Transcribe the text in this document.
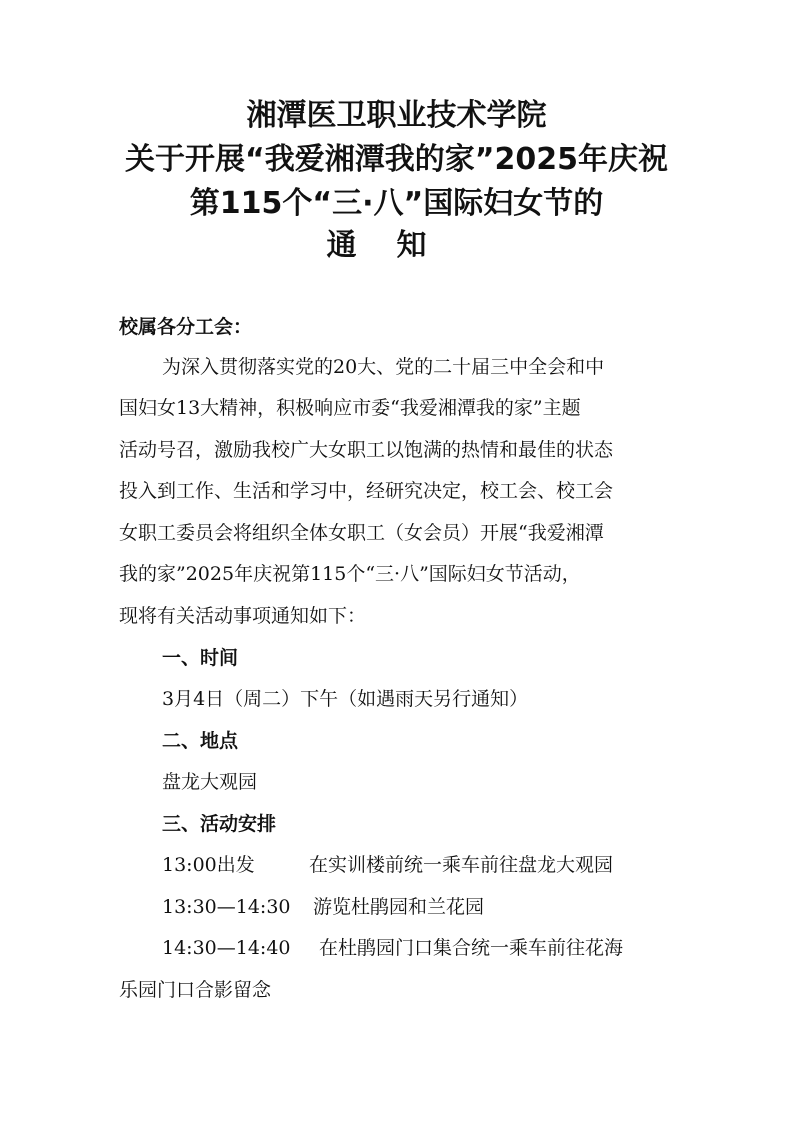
湘潭医卫职业技术学院
关于开展“我爱湘潭我的家”2025年庆祝
第115个“三·八”国际妇女节的
通知
校属各分工会：
为深入贯彻落实党的20大、党的二十届三中全会和中
国妇女13大精神，积极响应市委“我爱湘潭我的家”主题
活动号召，激励我校广大女职工以饱满的热情和最佳的状态
投入到工作、生活和学习中，经研究决定，校工会、校工会
女职工委员会将组织全体女职工（女会员）开展“我爱湘潭
我的家”2025年庆祝第115个“三·八”国际妇女节活动，
现将有关活动事项通知如下：
一、时间
3月4日（周二）下午（如遇雨天另行通知）
二、地点
盘龙大观园
三、活动安排
13:00出发	在实训楼前统一乘车前往盘龙大观园
13:30—14:30 游览杜鹃园和兰花园
14:30—14:40 在杜鹃园门口集合统一乘车前往花海
乐园门口合影留念
